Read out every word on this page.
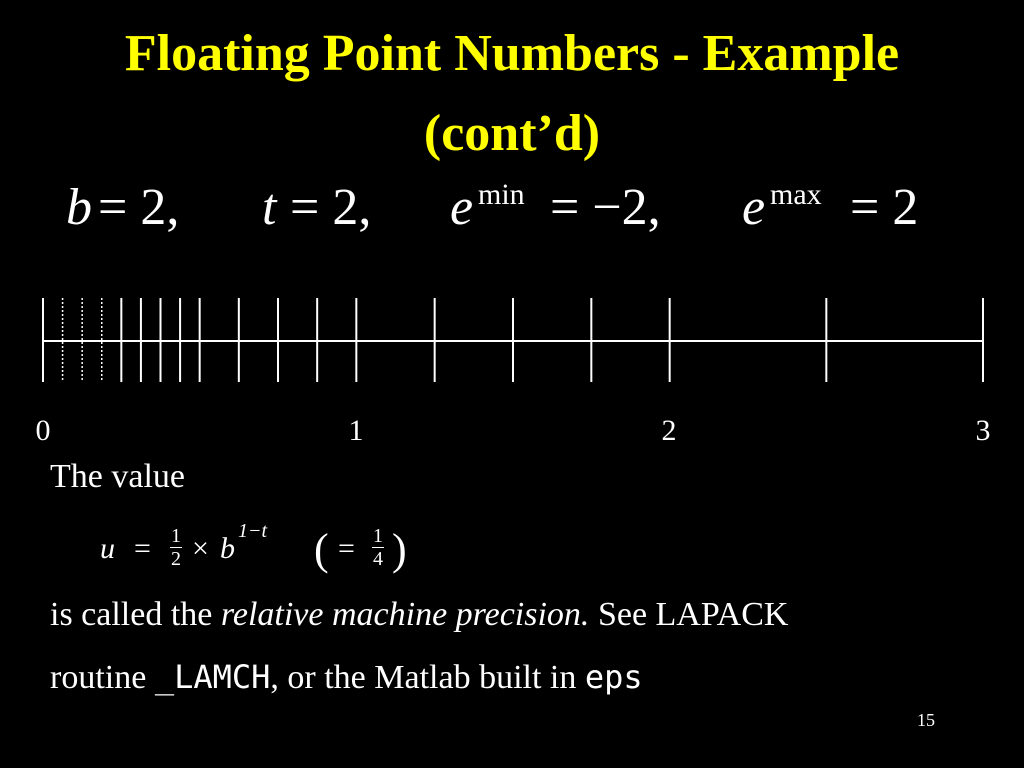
Floating Point Numbers - Example
(cont’d)
b = 2, t = 2, e min = −2, e max = 2
0	1	2	3
The value
u = 1
2 × b
1−t ( = 1
4 )
is called the relative machine precision. See LAPACK
routine _LAMCH, or the Matlab built in eps
15
